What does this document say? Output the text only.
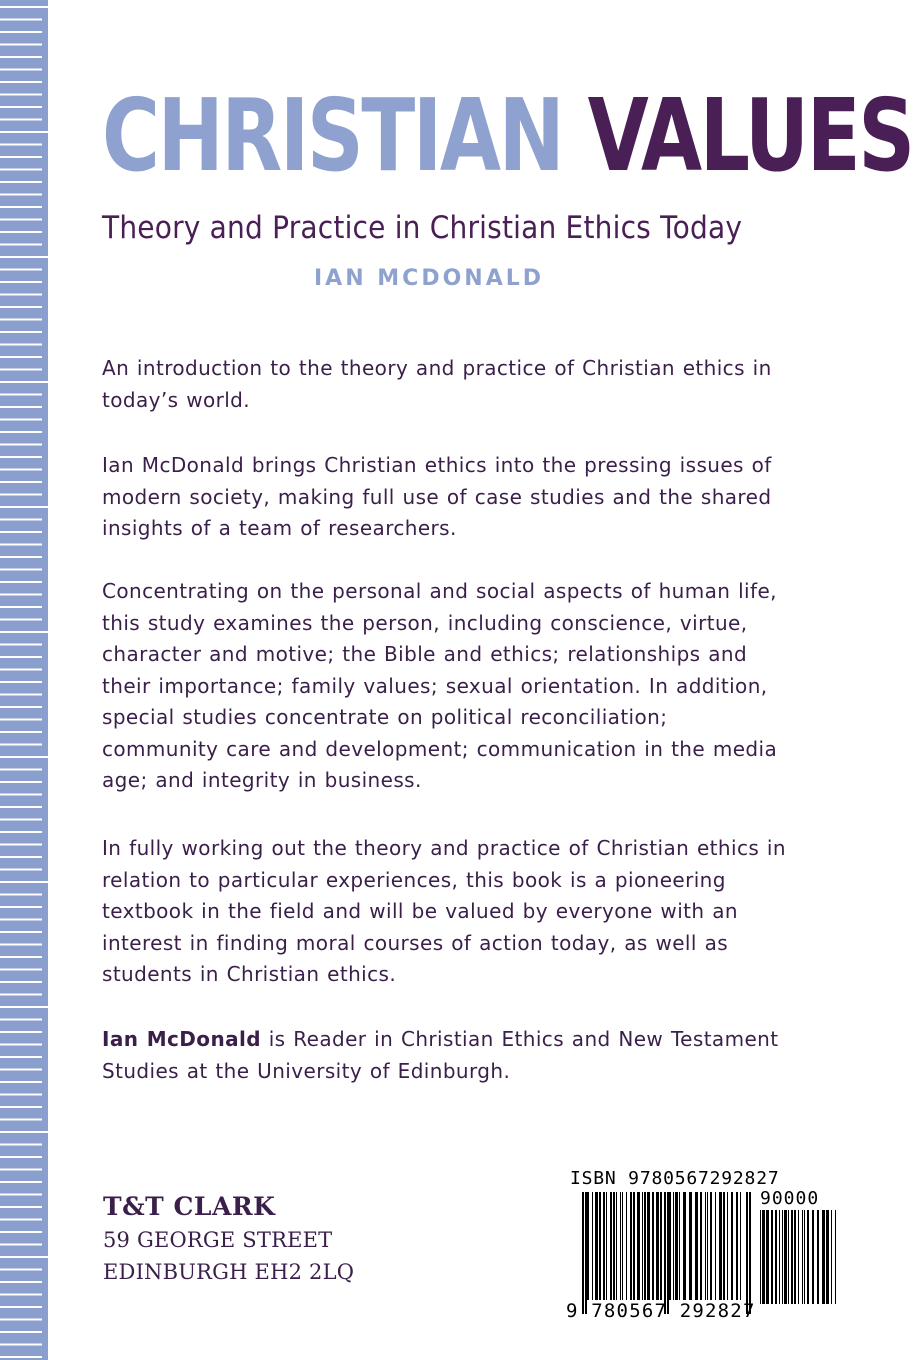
CHRISTIAN VALUES
Theory and Practice in Christian Ethics Today
IAN MCDONALD

An introduction to the theory and practice of Christian ethics in today’s world.

Ian McDonald brings Christian ethics into the pressing issues of modern society, making full use of case studies and the shared insights of a team of researchers.

Concentrating on the personal and social aspects of human life, this study examines the person, including conscience, virtue, character and motive; the Bible and ethics; relationships and their importance; family values; sexual orientation. In addition, special studies concentrate on political reconciliation; community care and development; communication in the media age; and integrity in business.

In fully working out the theory and practice of Christian ethics in relation to particular experiences, this book is a pioneering textbook in the field and will be valued by everyone with an interest in finding moral courses of action today, as well as students in Christian ethics.

Ian McDonald is Reader in Christian Ethics and New Testament Studies at the University of Edinburgh.

T&T CLARK
59 GEORGE STREET
EDINBURGH EH2 2LQ
ISBN 9780567292827
90000
9 780567 292827
